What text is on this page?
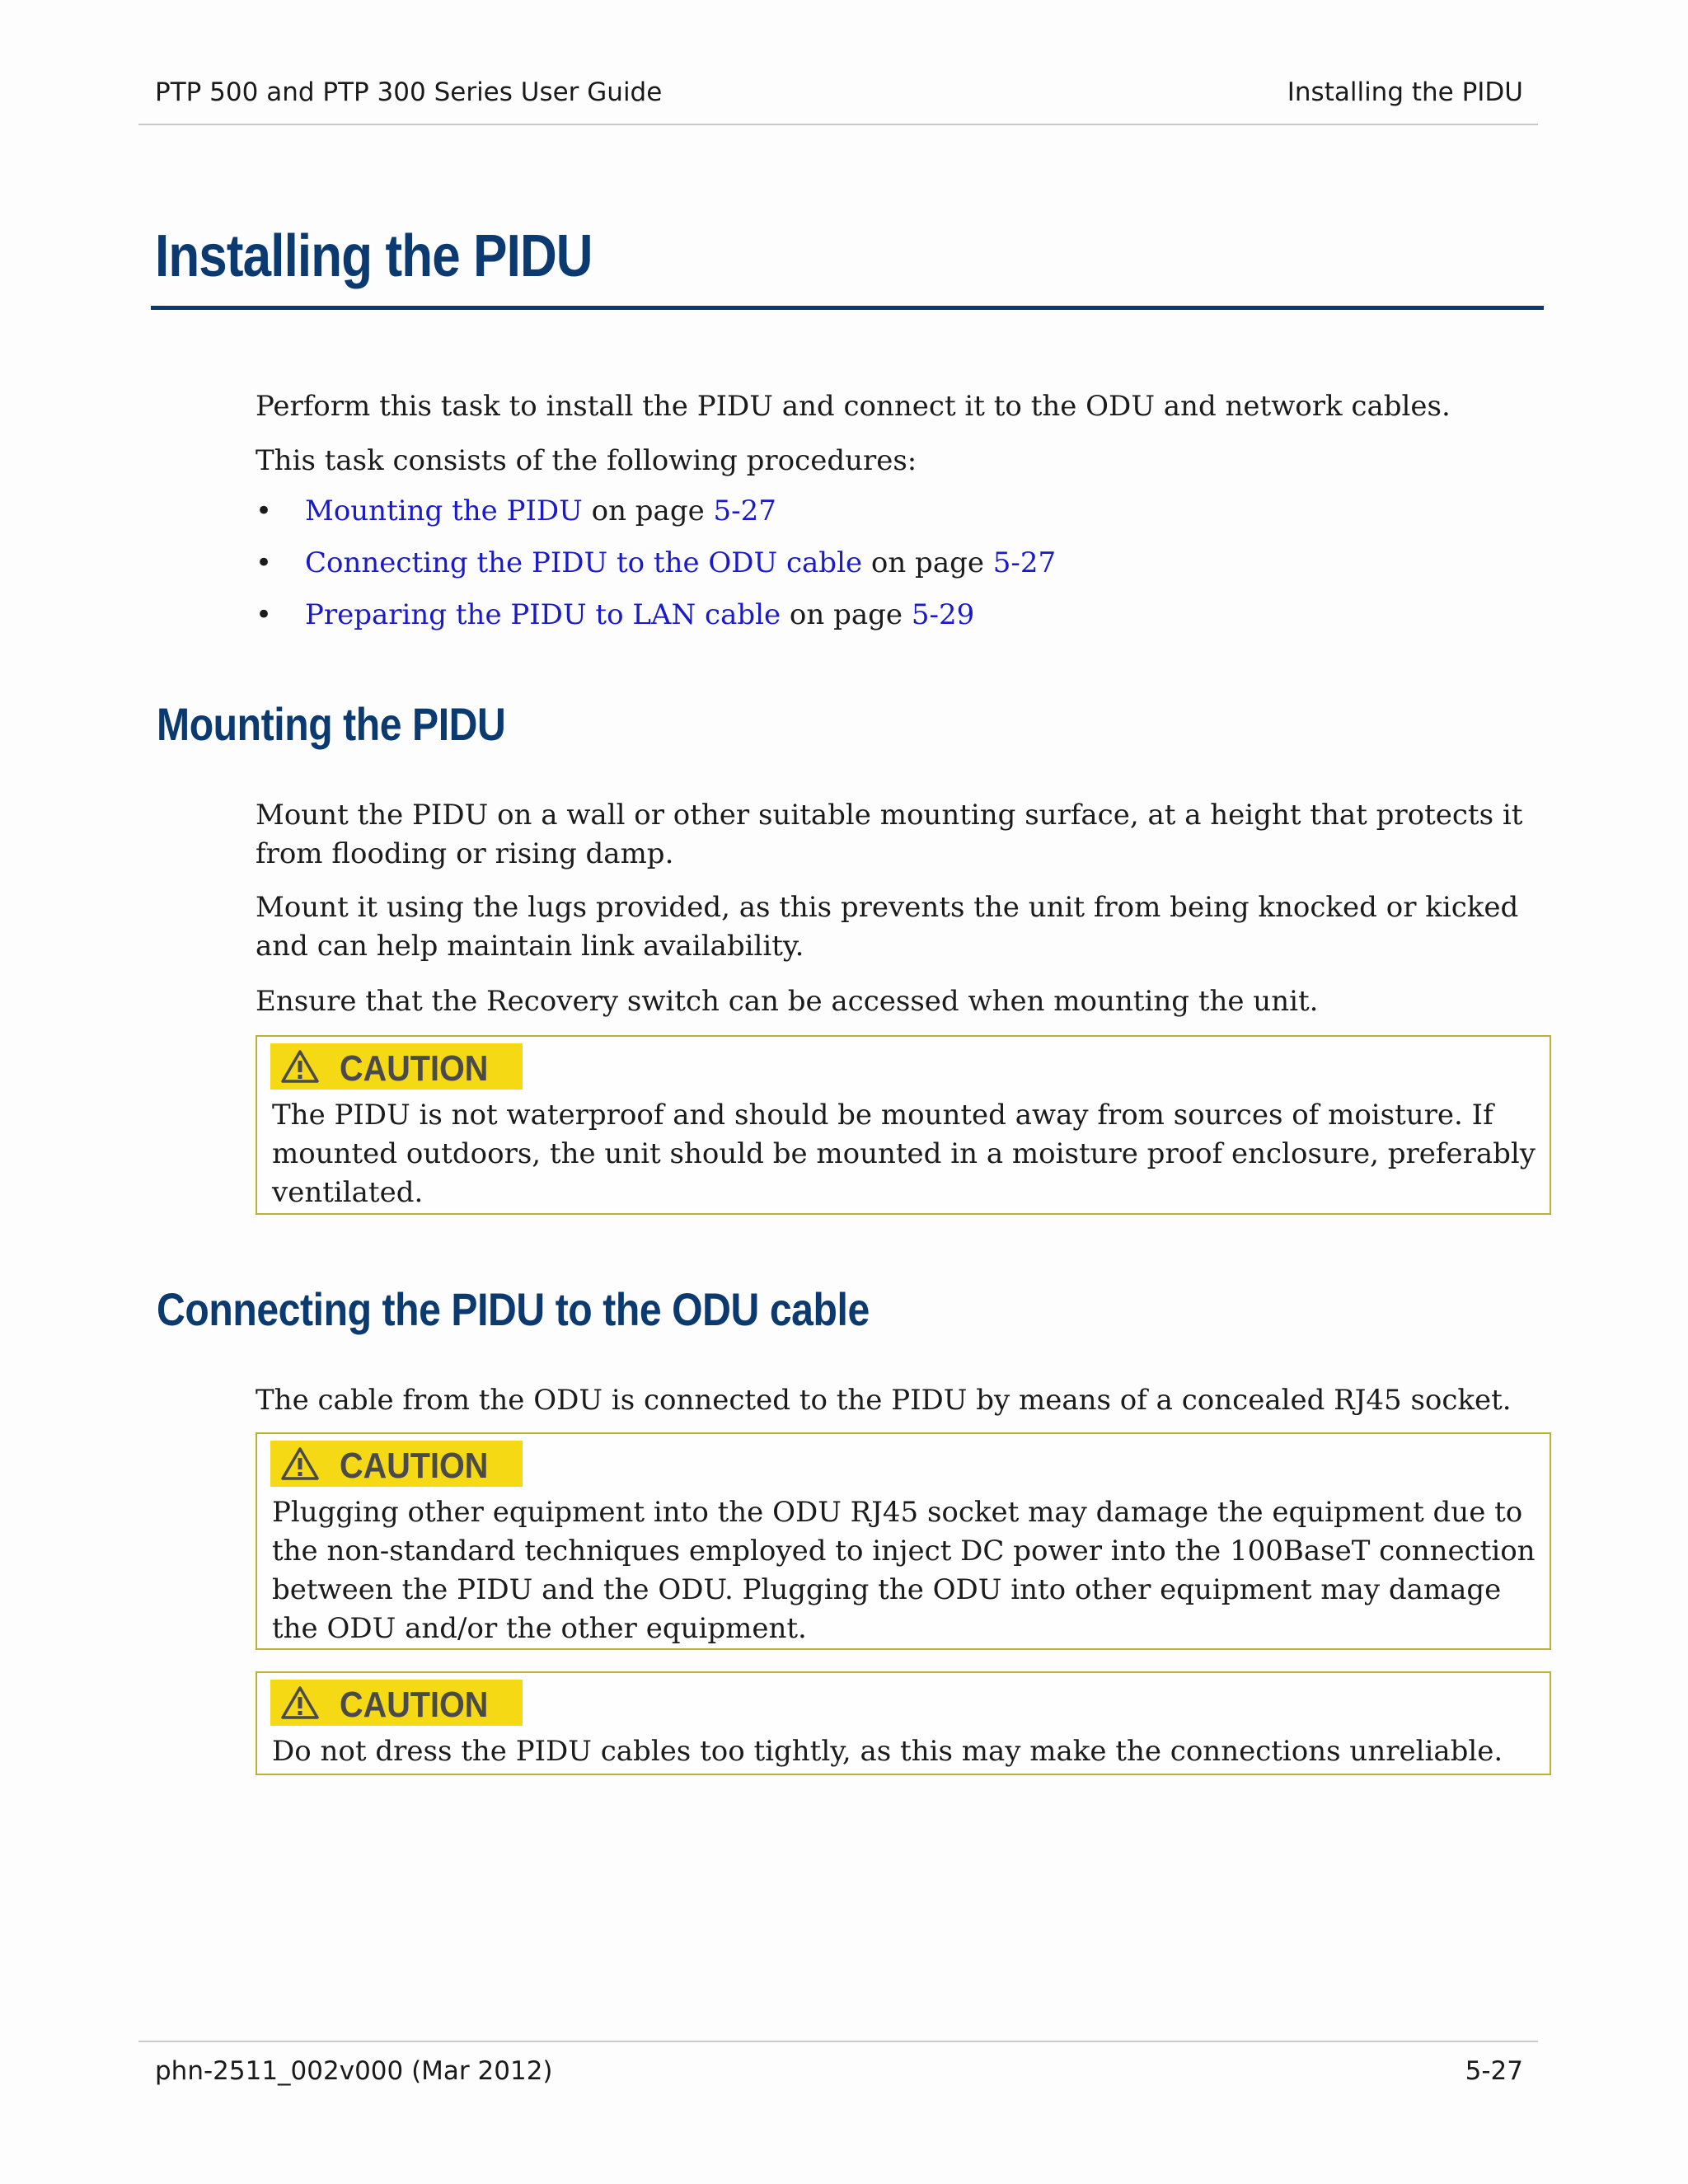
PTP 500 and PTP 300 Series User Guide	Installing the PIDU
Installing the PIDU

Perform this task to install the PIDU and connect it to the ODU and network cables.

This task consists of the following procedures:

• Mounting the PIDU on page 5-27
• Connecting the PIDU to the ODU cable on page 5-27
• Preparing the PIDU to LAN cable on page 5-29
Mounting the PIDU

Mount the PIDU on a wall or other suitable mounting surface, at a height that protects it from flooding or rising damp.

Mount it using the lugs provided, as this prevents the unit from being knocked or kicked and can help maintain link availability.

Ensure that the Recovery switch can be accessed when mounting the unit.

CAUTION

The PIDU is not waterproof and should be mounted away from sources of moisture. If mounted outdoors, the unit should be mounted in a moisture proof enclosure, preferably ventilated.

Connecting the PIDU to the ODU cable

The cable from the ODU is connected to the PIDU by means of a concealed RJ45 socket.

CAUTION

Plugging other equipment into the ODU RJ45 socket may damage the equipment due to the non-standard techniques employed to inject DC power into the 100BaseT connection between the PIDU and the ODU. Plugging the ODU into other equipment may damage the ODU and/or the other equipment.

CAUTION

Do not dress the PIDU cables too tightly, as this may make the connections unreliable.

phn-2511_002v000 (Mar 2012)	5-27
